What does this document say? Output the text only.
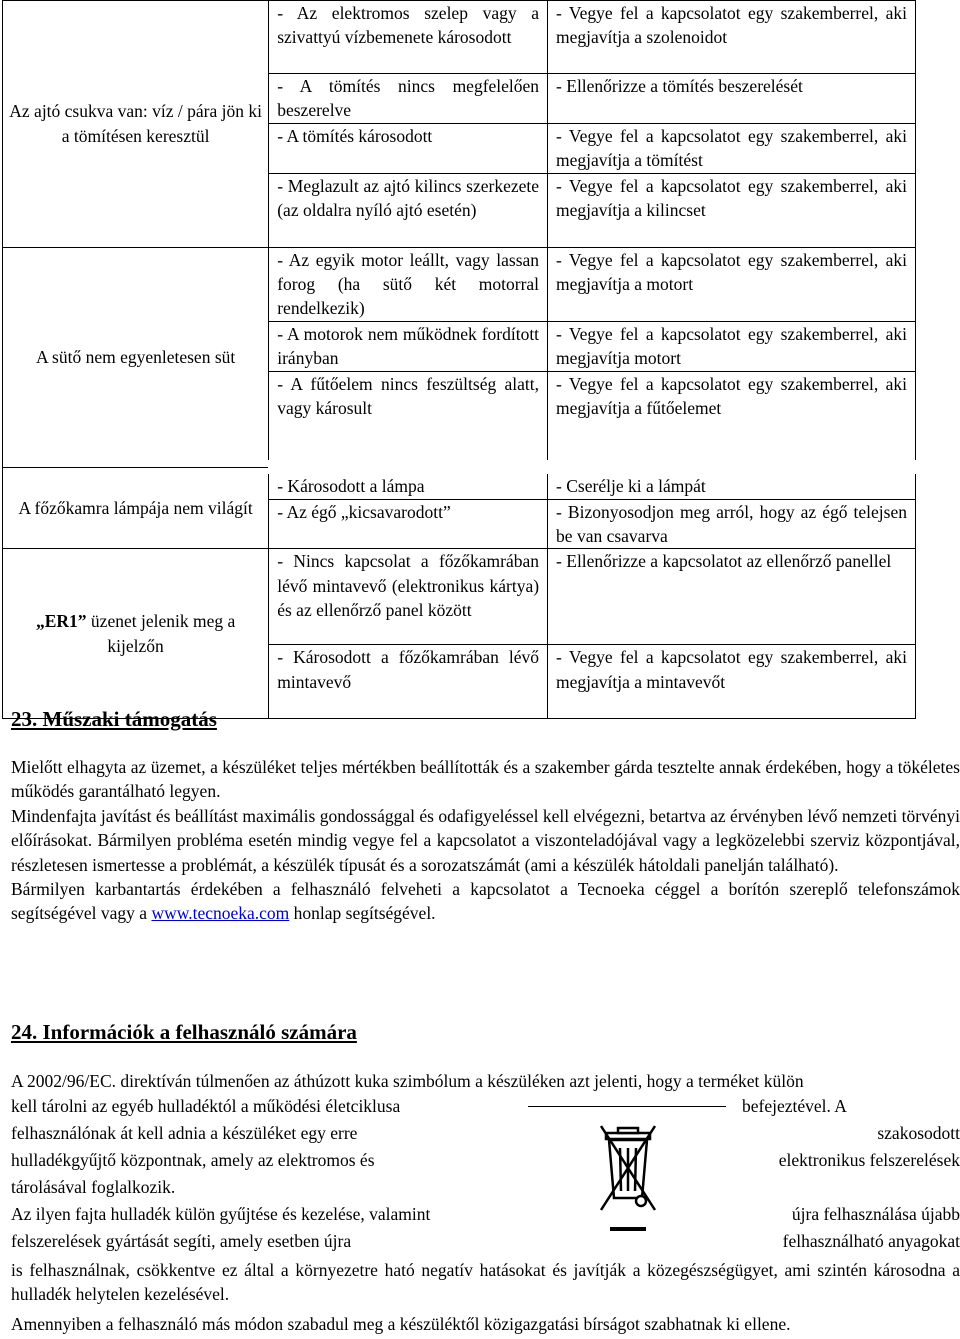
Az ajtó csukva van: víz / pára jön ki a tömítésen keresztül	- Az elektromos szelep vagy a szivattyú vízbemenete károsodott	- Vegye fel a kapcsolatot egy szakemberrel, aki megjavítja a szolenoidot
	- A tömítés nincs megfelelően beszerelve	- Ellenőrizze a tömítés beszerelését
	- A tömítés károsodott	- Vegye fel a kapcsolatot egy szakemberrel, aki megjavítja a tömítést
	- Meglazult az ajtó kilincs szerkezete (az oldalra nyíló ajtó esetén)	- Vegye fel a kapcsolatot egy szakemberrel, aki megjavítja a kilincset
A sütő nem egyenletesen süt	- Az egyik motor leállt, vagy lassan forog (ha sütő két motorral rendelkezik)	- Vegye fel a kapcsolatot egy szakemberrel, aki megjavítja a motort
	- A motorok nem működnek fordított irányban	- Vegye fel a kapcsolatot egy szakemberrel, aki megjavítja motort
	- A fűtőelem nincs feszültség alatt, vagy károsult	- Vegye fel a kapcsolatot egy szakemberrel, aki megjavítja a fűtőelemet
A főzőkamra lámpája nem világít	- Károsodott a lámpa	- Cserélje ki a lámpát
	- Az égő „kicsavarodott”	- Bizonyosodjon meg arról, hogy az égő telejsen be van csavarva
„ER1” üzenet jelenik meg a kijelzőn	- Nincs kapcsolat a főzőkamrában lévő mintavevő (elektronikus kártya) és az ellenőrző panel között	- Ellenőrizze a kapcsolatot az ellenőrző panellel
	- Károsodott a főzőkamrában lévő mintavevő	- Vegye fel a kapcsolatot egy szakemberrel, aki megjavítja a mintavevőt
23. Műszaki támogatás

Mielőtt elhagyta az üzemet, a készüléket teljes mértékben beállították és a szakember gárda tesztelte annak érdekében, hogy a tökéletes működés garantálható legyen.

Mindenfajta javítást és beállítást maximális gondossággal és odafigyeléssel kell elvégezni, betartva az érvényben lévő nemzeti törvényi előírásokat. Bármilyen probléma esetén mindig vegye fel a kapcsolatot a viszonteladójával vagy a legközelebbi szerviz központjával, részletesen ismertesse a problémát, a készülék típusát és a sorozatszámát (ami a készülék hátoldali panelján található).

Bármilyen karbantartás érdekében a felhasználó felveheti a kapcsolatot a Tecnoeka céggel a borítón szereplő telefonszámok segítségével vagy a www.tecnoeka.com honlap segítségével.

24. Információk a felhasználó számára
A 2002/96/EC. direktíván túlmenően az áthúzott kuka szimbólum a készüléken azt jelenti, hogy a terméket külön
kell tárolni az egyéb hulladéktól a működési életciklusa
felhasználónak át kell adnia a készüléket egy erre
hulladékgyűjtő központnak, amely az elektromos és
tárolásával foglalkozik.
Az ilyen fajta hulladék külön gyűjtése és kezelése, valamint
felszerelések gyártását segíti, amely esetben újra
befejeztével. A
szakosodott
elektronikus felszerelések
újra felhasználása újabb
felhasználható anyagokat
is felhasználnak, csökkentve ez által a környezetre ható negatív hatásokat és javítják a közegészségügyet, ami szintén károsodna a hulladék helytelen kezelésével.
Amennyiben a felhasználó más módon szabadul meg a készüléktől közigazgatási bírságot szabhatnak ki ellene.
